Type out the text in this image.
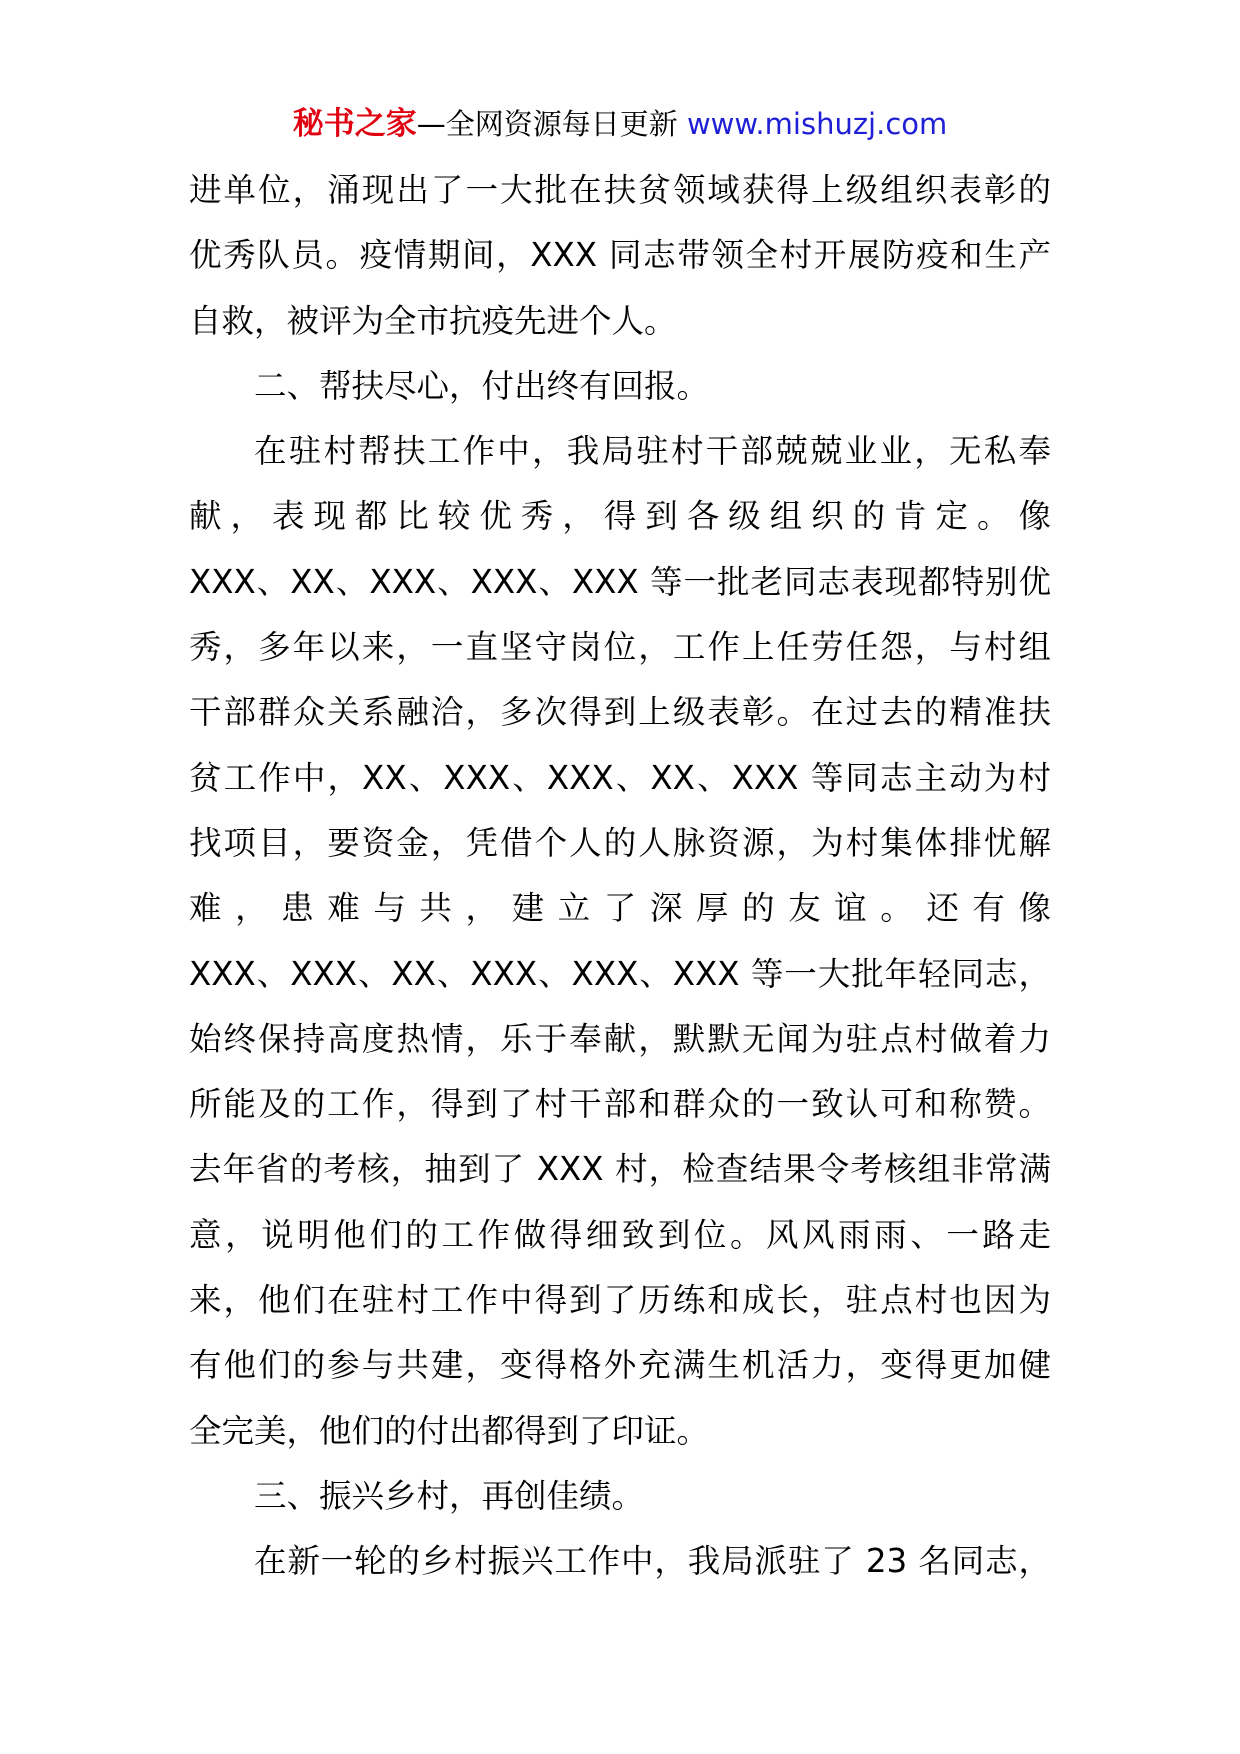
秘书之家—全网资源每日更新 www.mishuzj.com
进单位，涌现出了一大批在扶贫领域获得上级组织表彰的
优秀队员。疫情期间，XXX 同志带领全村开展防疫和生产
自救，被评为全市抗疫先进个人。
二、帮扶尽心，付出终有回报。
在驻村帮扶工作中，我局驻村干部兢兢业业，无私奉
献，表现都比较优秀，得到各级组织的肯定。像
XXX、XX、XXX、XXX、XXX 等一批老同志表现都特别优
秀，多年以来，一直坚守岗位，工作上任劳任怨，与村组
干部群众关系融洽，多次得到上级表彰。在过去的精准扶
贫工作中，XX、XXX、XXX、XX、XXX 等同志主动为村
找项目，要资金，凭借个人的人脉资源，为村集体排忧解
难，患难与共，建立了深厚的友谊。还有像
XXX、XXX、XX、XXX、XXX、XXX 等一大批年轻同志，
始终保持高度热情，乐于奉献，默默无闻为驻点村做着力
所能及的工作，得到了村干部和群众的一致认可和称赞。
去年省的考核，抽到了 XXX 村，检查结果令考核组非常满
意，说明他们的工作做得细致到位。风风雨雨、一路走
来，他们在驻村工作中得到了历练和成长，驻点村也因为
有他们的参与共建，变得格外充满生机活力，变得更加健
全完美，他们的付出都得到了印证。
三、振兴乡村，再创佳绩。
在新一轮的乡村振兴工作中，我局派驻了 23 名同志，
